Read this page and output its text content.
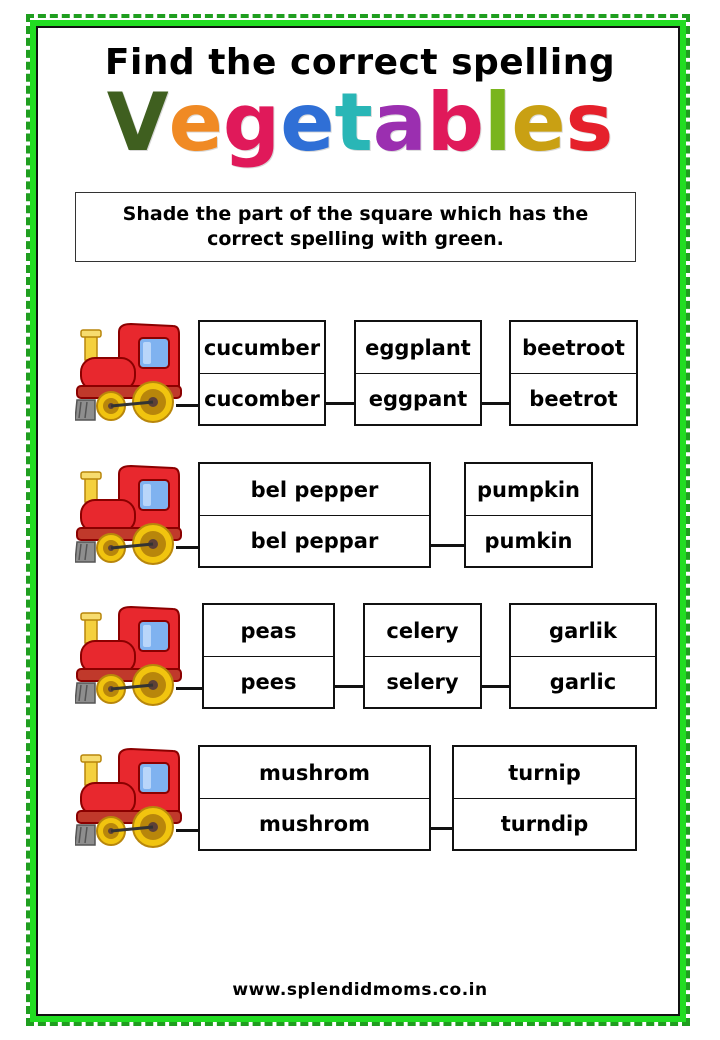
Find the correct spelling
Vegetables
Shade the part of the square which has the correct spelling with green.
cucumber
cucomber
eggplant
eggpant
beetroot
beetrot
bel pepper
bel peppar
pumpkin
pumkin
peas
pees
celery
selery
garlik
garlic
mushrom
mushrom
turnip
turndip
www.splendidmoms.co.in
